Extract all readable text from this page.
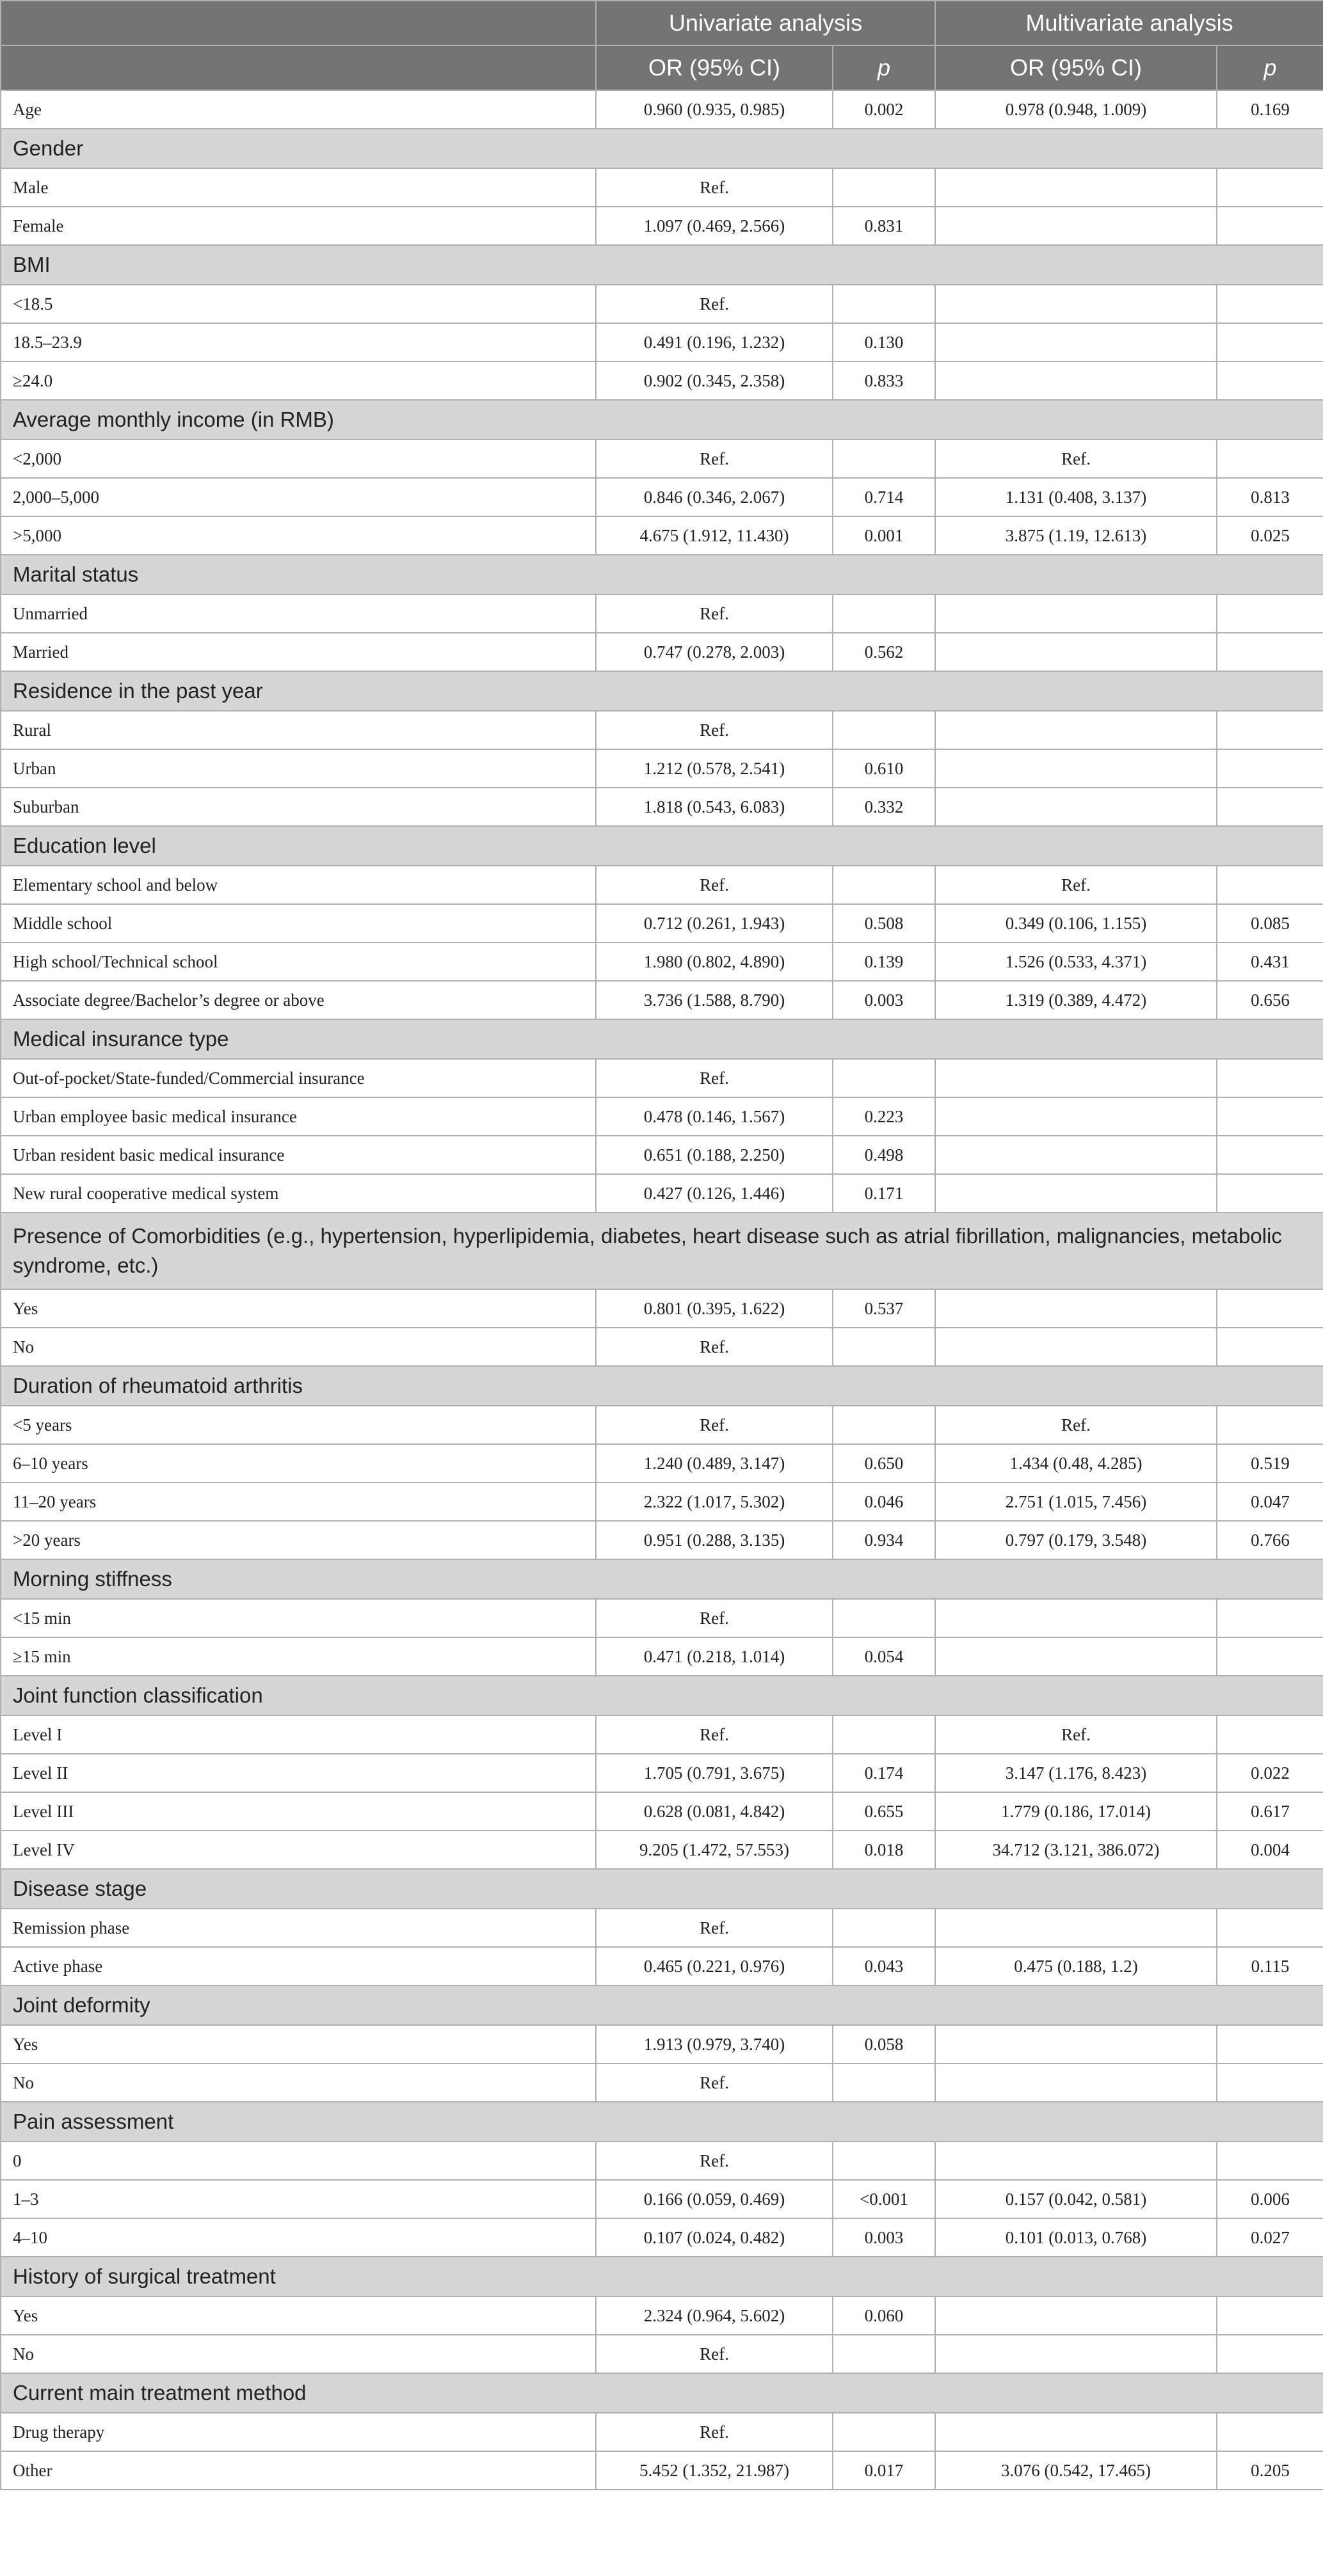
	Univariate analysis		Multivariate analysis	
	OR (95% CI)	p	OR (95% CI)	p
Age	0.960 (0.935, 0.985)	0.002	0.978 (0.948, 1.009)	0.169
Gender				
Male	Ref.			
Female	1.097 (0.469, 2.566)	0.831		
BMI				
<18.5	Ref.			
18.5–23.9	0.491 (0.196, 1.232)	0.130		
≥24.0	0.902 (0.345, 2.358)	0.833		
Average monthly income (in RMB)				
<2,000	Ref.		Ref.	
2,000–5,000	0.846 (0.346, 2.067)	0.714	1.131 (0.408, 3.137)	0.813
>5,000	4.675 (1.912, 11.430)	0.001	3.875 (1.19, 12.613)	0.025
Marital status				
Unmarried	Ref.			
Married	0.747 (0.278, 2.003)	0.562		
Residence in the past year				
Rural	Ref.			
Urban	1.212 (0.578, 2.541)	0.610		
Suburban	1.818 (0.543, 6.083)	0.332		
Education level				
Elementary school and below	Ref.		Ref.	
Middle school	0.712 (0.261, 1.943)	0.508	0.349 (0.106, 1.155)	0.085
High school/Technical school	1.980 (0.802, 4.890)	0.139	1.526 (0.533, 4.371)	0.431
Associate degree/Bachelor’s degree or above	3.736 (1.588, 8.790)	0.003	1.319 (0.389, 4.472)	0.656
Medical insurance type				
Out-of-pocket/State-funded/Commercial insurance	Ref.			
Urban employee basic medical insurance	0.478 (0.146, 1.567)	0.223		
Urban resident basic medical insurance	0.651 (0.188, 2.250)	0.498		
New rural cooperative medical system	0.427 (0.126, 1.446)	0.171		
Presence of Comorbidities (e.g., hypertension, hyperlipidemia, diabetes, heart disease such as atrial fibrillation, malignancies, metabolic syndrome, etc.)				
Yes	0.801 (0.395, 1.622)	0.537		
No	Ref.			
Duration of rheumatoid arthritis				
<5 years	Ref.		Ref.	
6–10 years	1.240 (0.489, 3.147)	0.650	1.434 (0.48, 4.285)	0.519
11–20 years	2.322 (1.017, 5.302)	0.046	2.751 (1.015, 7.456)	0.047
>20 years	0.951 (0.288, 3.135)	0.934	0.797 (0.179, 3.548)	0.766
Morning stiffness				
<15 min	Ref.			
≥15 min	0.471 (0.218, 1.014)	0.054		
Joint function classification				
Level I	Ref.		Ref.	
Level II	1.705 (0.791, 3.675)	0.174	3.147 (1.176, 8.423)	0.022
Level III	0.628 (0.081, 4.842)	0.655	1.779 (0.186, 17.014)	0.617
Level IV	9.205 (1.472, 57.553)	0.018	34.712 (3.121, 386.072)	0.004
Disease stage				
Remission phase	Ref.			
Active phase	0.465 (0.221, 0.976)	0.043	0.475 (0.188, 1.2)	0.115
Joint deformity				
Yes	1.913 (0.979, 3.740)	0.058		
No	Ref.			
Pain assessment				
0	Ref.			
1–3	0.166 (0.059, 0.469)	<0.001	0.157 (0.042, 0.581)	0.006
4–10	0.107 (0.024, 0.482)	0.003	0.101 (0.013, 0.768)	0.027
History of surgical treatment				
Yes	2.324 (0.964, 5.602)	0.060		
No	Ref.			
Current main treatment method				
Drug therapy	Ref.			
Other	5.452 (1.352, 21.987)	0.017	3.076 (0.542, 17.465)	0.205
